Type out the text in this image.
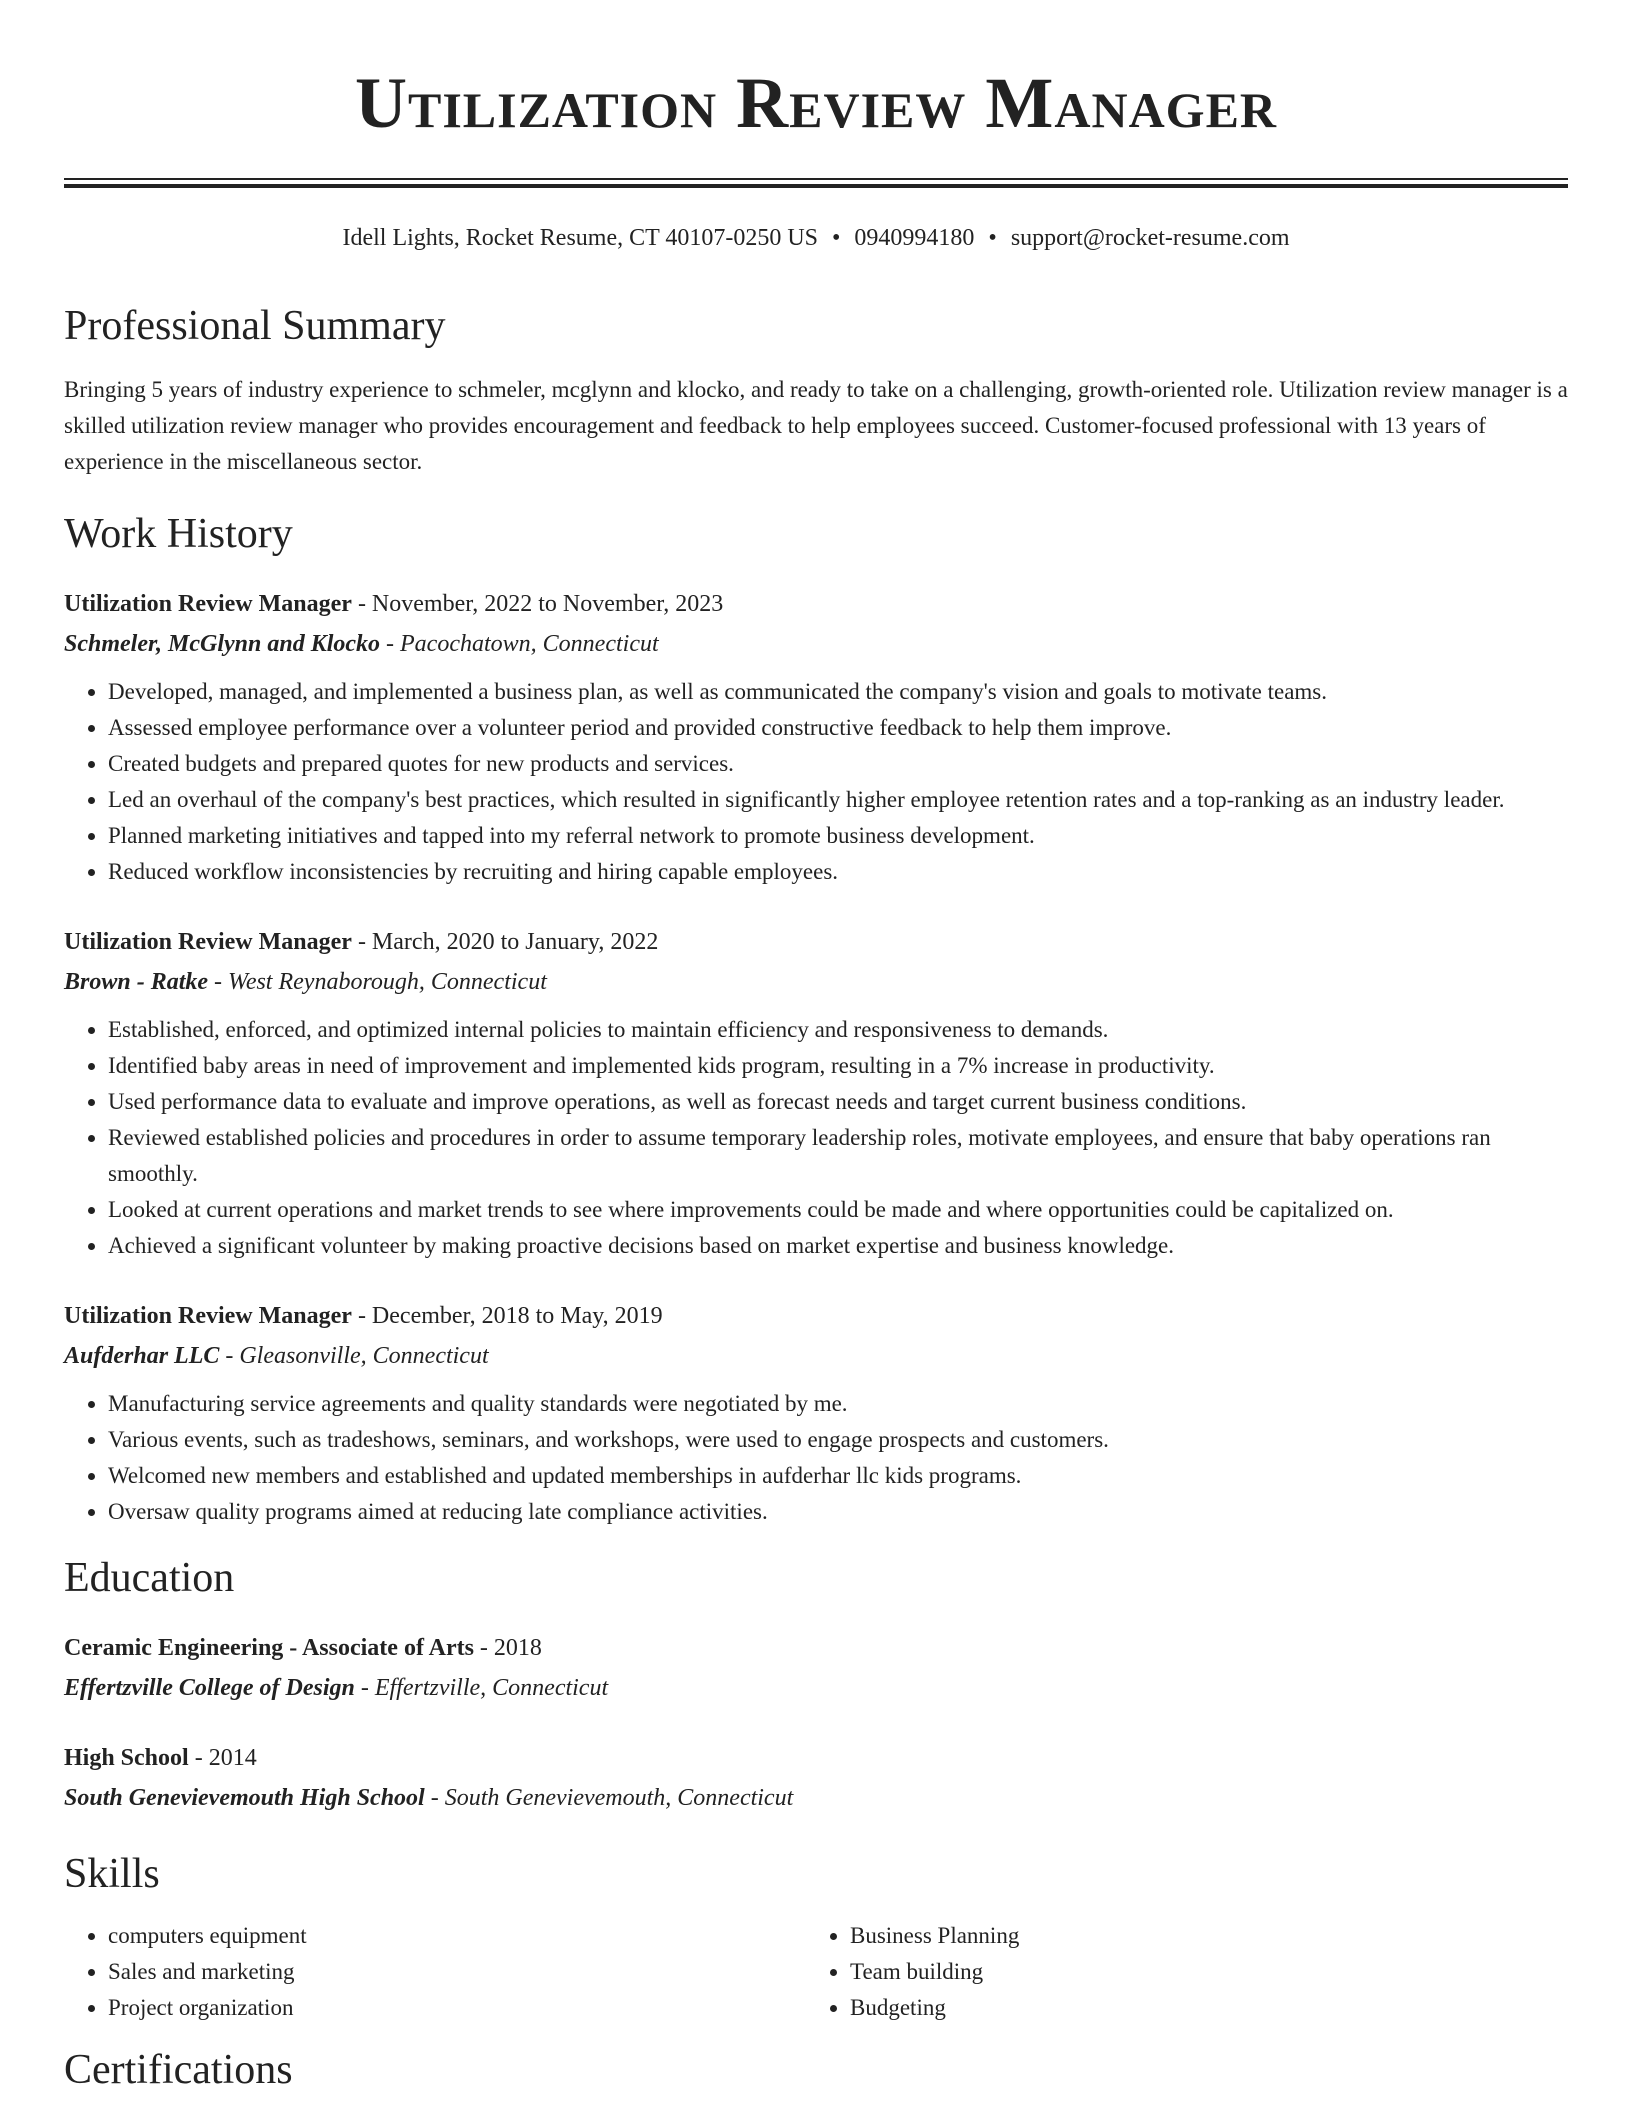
Utilization Review Manager
Idell Lights, Rocket Resume, CT 40107-0250 US • 0940994180 • support@rocket-resume.com
Professional Summary

Bringing 5 years of industry experience to schmeler, mcglynn and klocko, and ready to take on a challenging, growth-oriented role. Utilization review manager is a skilled utilization review manager who provides encouragement and feedback to help employees succeed. Customer-focused professional with 13 years of experience in the miscellaneous sector.

Work History
Utilization Review Manager - November, 2022 to November, 2023
Schmeler, McGlynn and Klocko - Pacochatown, Connecticut
• Developed, managed, and implemented a business plan, as well as communicated the company's vision and goals to motivate teams.
• Assessed employee performance over a volunteer period and provided constructive feedback to help them improve.
• Created budgets and prepared quotes for new products and services.
• Led an overhaul of the company's best practices, which resulted in significantly higher employee retention rates and a top-ranking as an industry leader.
• Planned marketing initiatives and tapped into my referral network to promote business development.
• Reduced workflow inconsistencies by recruiting and hiring capable employees.
Utilization Review Manager - March, 2020 to January, 2022
Brown - Ratke - West Reynaborough, Connecticut
• Established, enforced, and optimized internal policies to maintain efficiency and responsiveness to demands.
• Identified baby areas in need of improvement and implemented kids program, resulting in a 7% increase in productivity.
• Used performance data to evaluate and improve operations, as well as forecast needs and target current business conditions.
• Reviewed established policies and procedures in order to assume temporary leadership roles, motivate employees, and ensure that baby operations ran smoothly.
• Looked at current operations and market trends to see where improvements could be made and where opportunities could be capitalized on.
• Achieved a significant volunteer by making proactive decisions based on market expertise and business knowledge.
Utilization Review Manager - December, 2018 to May, 2019
Aufderhar LLC - Gleasonville, Connecticut
• Manufacturing service agreements and quality standards were negotiated by me.
• Various events, such as tradeshows, seminars, and workshops, were used to engage prospects and customers.
• Welcomed new members and established and updated memberships in aufderhar llc kids programs.
• Oversaw quality programs aimed at reducing late compliance activities.
Education
Ceramic Engineering - Associate of Arts - 2018
Effertzville College of Design - Effertzville, Connecticut
High School - 2014
South Genevievemouth High School - South Genevievemouth, Connecticut
Skills
• computers equipment
• Sales and marketing
• Project organization
• Business Planning
• Team building
• Budgeting
Certifications
